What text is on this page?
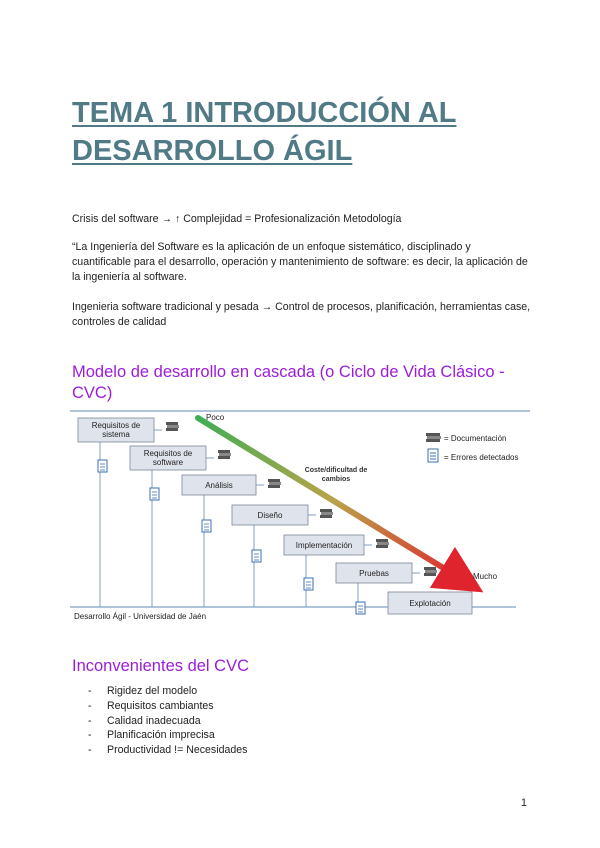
TEMA 1 INTRODUCCIÓN AL DESARROLLO ÁGIL

Crisis del software → ↑ Complejidad = Profesionalización Metodología

“La Ingeniería del Software es la aplicación de un enfoque sistemático, disciplinado y cuantificable para el desarrollo, operación y mantenimiento de software: es decir, la aplicación de la ingeniería al software.

Ingenieria software tradicional y pesada → Control de procesos, planificación, herramientas case, controles de calidad

Modelo de desarrollo en cascada (o Ciclo de Vida Clásico - CVC)
Requisitos de
sistema
Requisitos de
software
Análisis
Diseño
Implementación
Pruebas
Explotación
Poco
Mucho
Coste/dificultad de
cambios
= Documentación
= Errores detectados
Desarrollo Ágil - Universidad de Jaén
Inconvenientes del CVC
-	Rigidez del modelo
-	Requisitos cambiantes
-	Calidad inadecuada
-	Planificación imprecisa
-	Productividad != Necesidades
1
